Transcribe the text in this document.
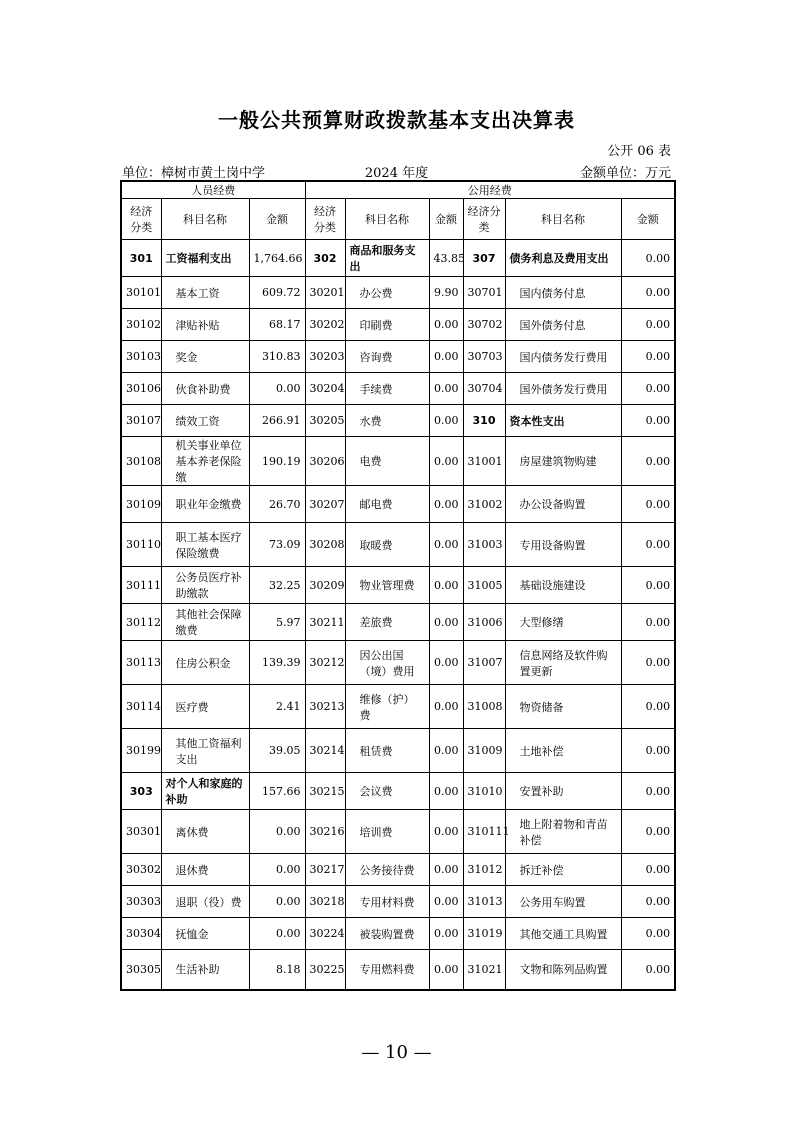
一般公共预算财政拨款基本支出决算表
公开 06 表
单位：樟树市黄土岗中学	2024 年度	金额单位：万元
人员经费			公用经费					
经济分类	科目名称	金额	经济分类	科目名称	金额	经济分类	科目名称	金额
301	工资福利支出	1,764.66	302	商品和服务支出	43.85	307	债务利息及费用支出	0.00
30101	基本工资	609.72	30201	办公费	9.90	30701	国内债务付息	0.00
30102	津贴补贴	68.17	30202	印刷费	0.00	30702	国外债务付息	0.00
30103	奖金	310.83	30203	咨询费	0.00	30703	国内债务发行费用	0.00
30106	伙食补助费	0.00	30204	手续费	0.00	30704	国外债务发行费用	0.00
30107	绩效工资	266.91	30205	水费	0.00	310	资本性支出	0.00
30108	机关事业单位基本养老保险缴	190.19	30206	电费	0.00	31001	房屋建筑物购建	0.00
30109	职业年金缴费	26.70	30207	邮电费	0.00	31002	办公设备购置	0.00
30110	职工基本医疗保险缴费	73.09	30208	取暖费	0.00	31003	专用设备购置	0.00
30111	公务员医疗补助缴款	32.25	30209	物业管理费	0.00	31005	基础设施建设	0.00
30112	其他社会保障缴费	5.97	30211	差旅费	0.00	31006	大型修缮	0.00
30113	住房公积金	139.39	30212	因公出国（境）费用	0.00	31007	信息网络及软件购置更新	0.00
30114	医疗费	2.41	30213	维修（护）费	0.00	31008	物资储备	0.00
30199	其他工资福利支出	39.05	30214	租赁费	0.00	31009	土地补偿	0.00
303	对个人和家庭的补助	157.66	30215	会议费	0.00	31010	安置补助	0.00
30301	离休费	0.00	30216	培训费	0.00	310111	地上附着物和青苗补偿	0.00
30302	退休费	0.00	30217	公务接待费	0.00	31012	拆迁补偿	0.00
30303	退职（役）费	0.00	30218	专用材料费	0.00	31013	公务用车购置	0.00
30304	抚恤金	0.00	30224	被装购置费	0.00	31019	其他交通工具购置	0.00
30305	生活补助	8.18	30225	专用燃料费	0.00	31021	文物和陈列品购置	0.00
— 10 —
